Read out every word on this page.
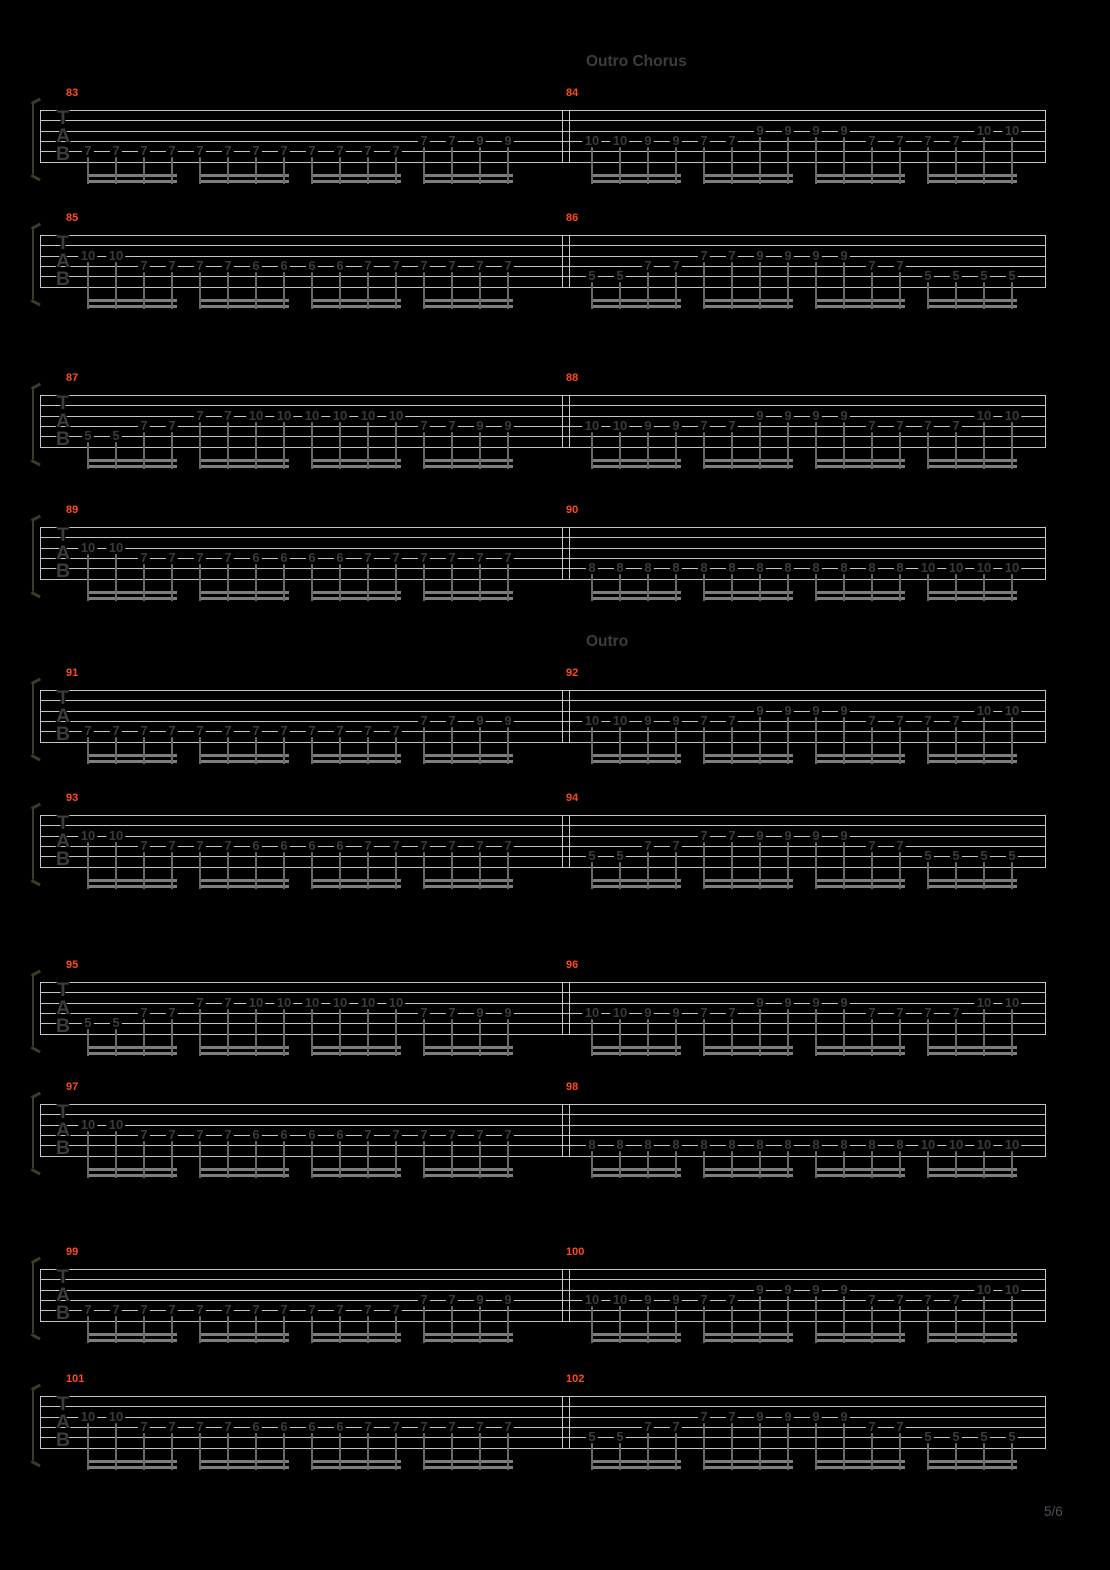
Outro Chorus
Outro
T
A
B
83
7 7 7 7 7 7 7 7 7 7 7 7
7 7 9 9
84
10 10 9 9 7 7
9 9 9 9
7 7 7 7
10 10
T
A
B
85
10 10
7 7 7 7 6 6 6 6 7 7 7 7 7 7
86
5 5
7 7
7 7 9 9 9 9
7 7
5 5 5 5
T
A
B
87
5 5
7 7
7 7 10 10 10 10 10 10
7 7 9 9
88
10 10 9 9 7 7
9 9 9 9
7 7 7 7
10 10
T
A
B
89
10 10
7 7 7 7 6 6 6 6 7 7 7 7 7 7
90
8 8 8 8 8 8 8 8 8 8 8 8 10 10 10 10
T
A
B
91
7 7 7 7 7 7 7 7 7 7 7 7
7 7 9 9
92
10 10 9 9 7 7
9 9 9 9
7 7 7 7
10 10
T
A
B
93
10 10
7 7 7 7 6 6 6 6 7 7 7 7 7 7
94
5 5
7 7
7 7 9 9 9 9
7 7
5 5 5 5
T
A
B
95
5 5
7 7
7 7 10 10 10 10 10 10
7 7 9 9
96
10 10 9 9 7 7
9 9 9 9
7 7 7 7
10 10
T
A
B
97
10 10
7 7 7 7 6 6 6 6 7 7 7 7 7 7
98
8 8 8 8 8 8 8 8 8 8 8 8 10 10 10 10
T
A
B
99
7 7 7 7 7 7 7 7 7 7 7 7
7 7 9 9
100
10 10 9 9 7 7
9 9 9 9
7 7 7 7
10 10
T
A
B
101
10 10
7 7 7 7 6 6 6 6 7 7 7 7 7 7
102
5 5
7 7
7 7 9 9 9 9
7 7
5 5 5 5
5/6
